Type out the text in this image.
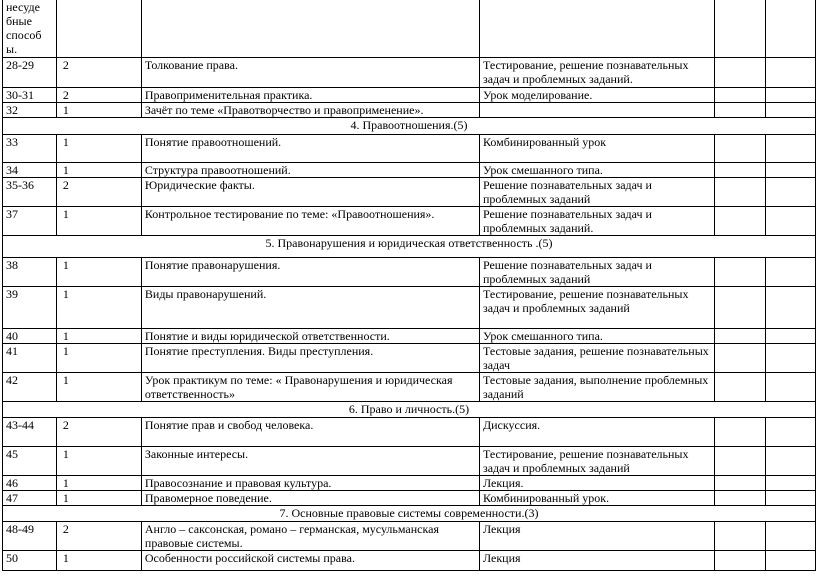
несуде бные способ ы.					
28-29	2	Толкование права.	Тестирование, решение познавательных задач и проблемных заданий.		
30-31	2	Правоприменительная практика.	Урок моделирование.		
32	1	Зачёт по теме «Правотворчество и правоприменение».			
4. Правоотношения.(5)					
33	1	Понятие правоотношений.	Комбинированный урок		
34	1	Структура правоотношений.	Урок смешанного типа.		
35-36	2	Юридические факты.	Решение познавательных задач и проблемных заданий		
37	1	Контрольное тестирование по теме: «Правоотношения».	Решение познавательных задач и проблемных заданий.		
5. Правонарушения и юридическая ответственность .(5)					
38	1	Понятие правонарушения.	Решение познавательных задач и проблемных заданий		
39	1	Виды правонарушений.	Тестирование, решение познавательных задач и проблемных заданий		
40	1	Понятие и виды юридической ответственности.	Урок смешанного типа.		
41	1	Понятие преступления. Виды преступления.	Тестовые задания, решение познавательных задач		
42	1	Урок практикум по теме: « Правонарушения и юридическая ответственность»	Тестовые задания, выполнение проблемных заданий		
6. Право и личность.(5)					
43-44	2	Понятие прав и свобод человека.	Дискуссия.		
45	1	Законные интересы.	Тестирование, решение познавательных задач и проблемных заданий		
46	1	Правосознание и правовая культура.	Лекция.		
47	1	Правомерное поведение.	Комбинированный урок.		
7. Основные правовые системы современности.(3)					
48-49	2	Англо – саксонская, романо – германская, мусульманская правовые системы.	Лекция		
50	1	Особенности российской системы права.	Лекция		
